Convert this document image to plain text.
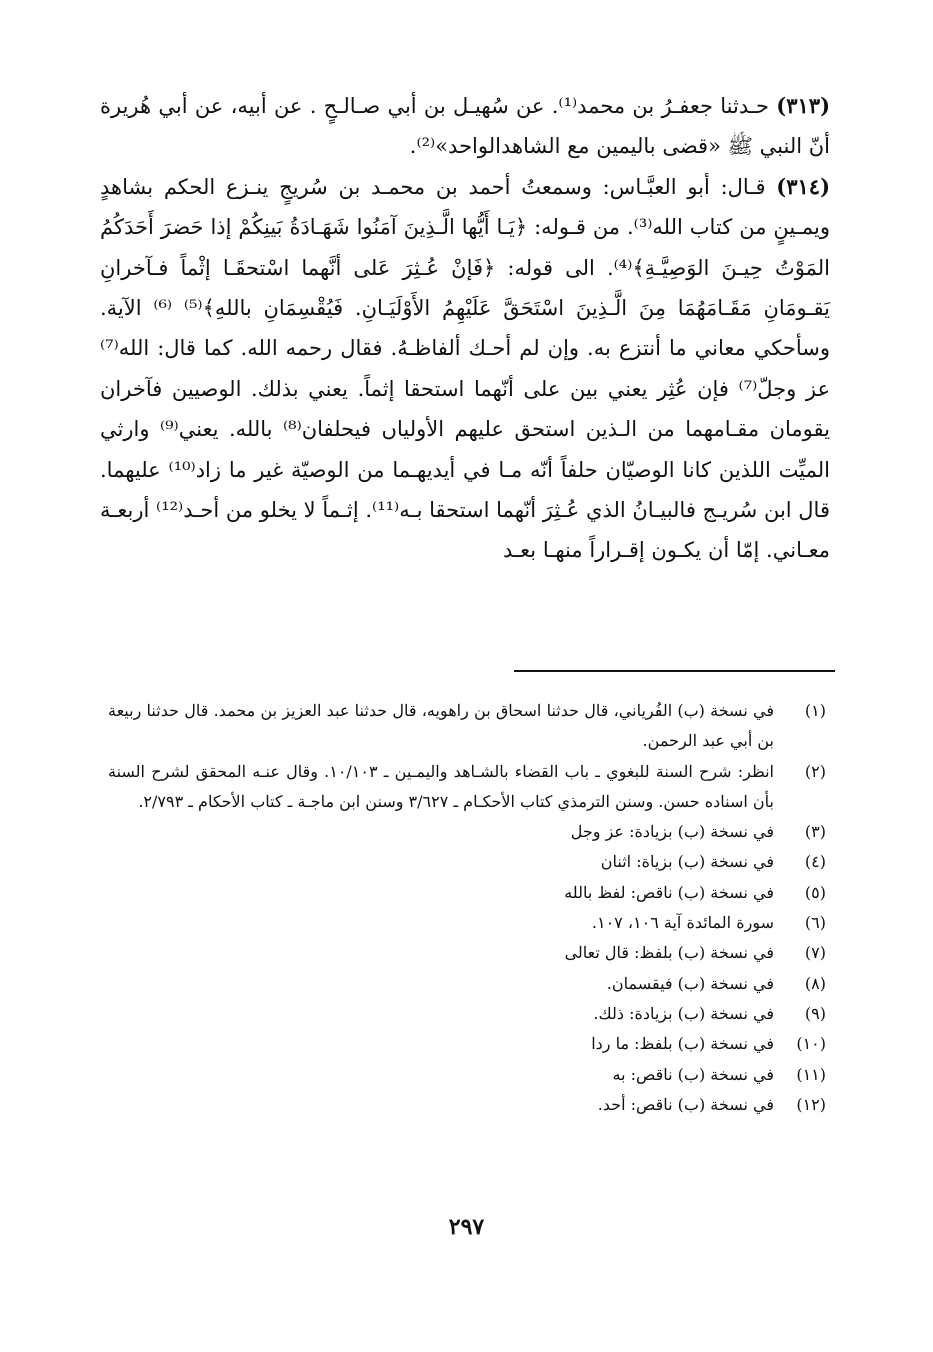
(٣١٣) حـدثنا جعفـرُ بن محمد⁽¹⁾. عن سُهيـل بن أبي صـالـحٍ . عن أبيه، عن أبي هُريرة أنّ النبي ﷺ «قضى باليمين مع الشاهدالواحد»⁽²⁾.

(٣١٤) قـال: أبو العبَّـاس: وسمعتُ أحمد بن محمـد بن سُريجٍ ينـزع الحكم بشاهدٍ ويمـينٍ من كتاب الله⁽³⁾. من قـوله: ﴿يَـا أَيُّها الَّـذِينَ آمَنُوا شَهَـادَةُ بَينِكُمْ إذا حَضرَ أَحَدَكُمُ المَوْتُ حِيـنَ الوَصِيَّـةِ﴾⁽⁴⁾. الى قوله: ﴿فَإنْ عُـثِرَ عَلى أنَّهما اسْتحقَـا إثْماً فـآخرانِ يَقـومَانِ مَقَـامَهُمَا مِنَ الَّـذِينَ اسْتَحَقَّ عَلَيْهِمُ الأَوْلَيَـانِ. فَيُقْسِمَانِ باللهِ﴾⁽⁵⁾ ⁽⁶⁾ الآية. وسأحكي معاني ما أنتزع به. وإن لم أحـك ألفاظـهُ. فقال رحمه الله. كما قال: الله⁽⁷⁾ عز وجلّ⁽⁷⁾ فإن عُثِر يعني بين على أنّهما استحقا إثماً. يعني بذلك. الوصيين فآخران يقومان مقـامهما من الـذين استحق عليهم الأولياں فيحلفان⁽⁸⁾ بالله. يعني⁽⁹⁾ وارثي الميِّت اللذين كانا الوصيّان حلفاً أنّه مـا في أيديهـما من الوصيّة غير ما زاد⁽¹⁰⁾ عليهما. قال ابن سُريـج فالبيـانُ الذي عُـثِرَ أنّهما استحقا بـه⁽¹¹⁾. إثـماً لا يخلو من أحـد⁽¹²⁾ أربعـة معـاني. إمّا أن يكـون إقـراراً منهـا بعـد

(١)
في نسخة (ب) الفُرياني، قال حدثنا اسحاق بن راهويه، قال حدثنا عبد العزيز بن محمد. قال حدثنا ربيعة بن أبي عبد الرحمن.
(٢)
انظر: شرح السنة للبغوي ـ باب القضاء بالشـاهد واليمـين ـ ١٠/١٠٣. وقال عنـه المحقق لشرح السنة بأن اسناده حسن. وسنن الترمذي كتاب الأحكـام ـ ٣/٦٢٧ وسنن ابن ماجـة ـ كتاب الأحكام ـ ٢/٧٩٣.
(٣)
في نسخة (ب) بزيادة: عز وجل
(٤)
في نسخة (ب) بزياة: اثنان
(٥)
في نسخة (ب) ناقص: لفظ بالله
(٦)
سورة المائدة آية ١٠٦، ١٠٧.
(٧)
في نسخة (ب) بلفظ: قال تعالى
(٨)
في نسخة (ب) فيقسمان.
(٩)
في نسخة (ب) بزيادة: ذلك.
(١٠)
في نسخة (ب) بلفظ: ما ردا
(١١)
في نسخة (ب) ناقص: به
(١٢)
في نسخة (ب) ناقص: أحد.
٢٩٧
